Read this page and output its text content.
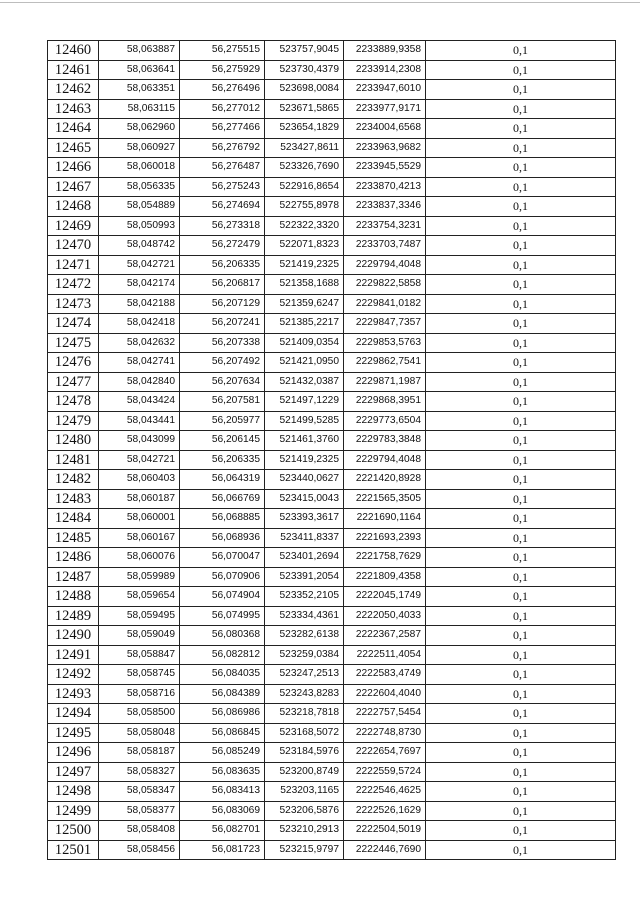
12460	58,063887	56,275515	523757,9045	2233889,9358	0,1
12461	58,063641	56,275929	523730,4379	2233914,2308	0,1
12462	58,063351	56,276496	523698,0084	2233947,6010	0,1
12463	58,063115	56,277012	523671,5865	2233977,9171	0,1
12464	58,062960	56,277466	523654,1829	2234004,6568	0,1
12465	58,060927	56,276792	523427,8611	2233963,9682	0,1
12466	58,060018	56,276487	523326,7690	2233945,5529	0,1
12467	58,056335	56,275243	522916,8654	2233870,4213	0,1
12468	58,054889	56,274694	522755,8978	2233837,3346	0,1
12469	58,050993	56,273318	522322,3320	2233754,3231	0,1
12470	58,048742	56,272479	522071,8323	2233703,7487	0,1
12471	58,042721	56,206335	521419,2325	2229794,4048	0,1
12472	58,042174	56,206817	521358,1688	2229822,5858	0,1
12473	58,042188	56,207129	521359,6247	2229841,0182	0,1
12474	58,042418	56,207241	521385,2217	2229847,7357	0,1
12475	58,042632	56,207338	521409,0354	2229853,5763	0,1
12476	58,042741	56,207492	521421,0950	2229862,7541	0,1
12477	58,042840	56,207634	521432,0387	2229871,1987	0,1
12478	58,043424	56,207581	521497,1229	2229868,3951	0,1
12479	58,043441	56,205977	521499,5285	2229773,6504	0,1
12480	58,043099	56,206145	521461,3760	2229783,3848	0,1
12481	58,042721	56,206335	521419,2325	2229794,4048	0,1
12482	58,060403	56,064319	523440,0627	2221420,8928	0,1
12483	58,060187	56,066769	523415,0043	2221565,3505	0,1
12484	58,060001	56,068885	523393,3617	2221690,1164	0,1
12485	58,060167	56,068936	523411,8337	2221693,2393	0,1
12486	58,060076	56,070047	523401,2694	2221758,7629	0,1
12487	58,059989	56,070906	523391,2054	2221809,4358	0,1
12488	58,059654	56,074904	523352,2105	2222045,1749	0,1
12489	58,059495	56,074995	523334,4361	2222050,4033	0,1
12490	58,059049	56,080368	523282,6138	2222367,2587	0,1
12491	58,058847	56,082812	523259,0384	2222511,4054	0,1
12492	58,058745	56,084035	523247,2513	2222583,4749	0,1
12493	58,058716	56,084389	523243,8283	2222604,4040	0,1
12494	58,058500	56,086986	523218,7818	2222757,5454	0,1
12495	58,058048	56,086845	523168,5072	2222748,8730	0,1
12496	58,058187	56,085249	523184,5976	2222654,7697	0,1
12497	58,058327	56,083635	523200,8749	2222559,5724	0,1
12498	58,058347	56,083413	523203,1165	2222546,4625	0,1
12499	58,058377	56,083069	523206,5876	2222526,1629	0,1
12500	58,058408	56,082701	523210,2913	2222504,5019	0,1
12501	58,058456	56,081723	523215,9797	2222446,7690	0,1
